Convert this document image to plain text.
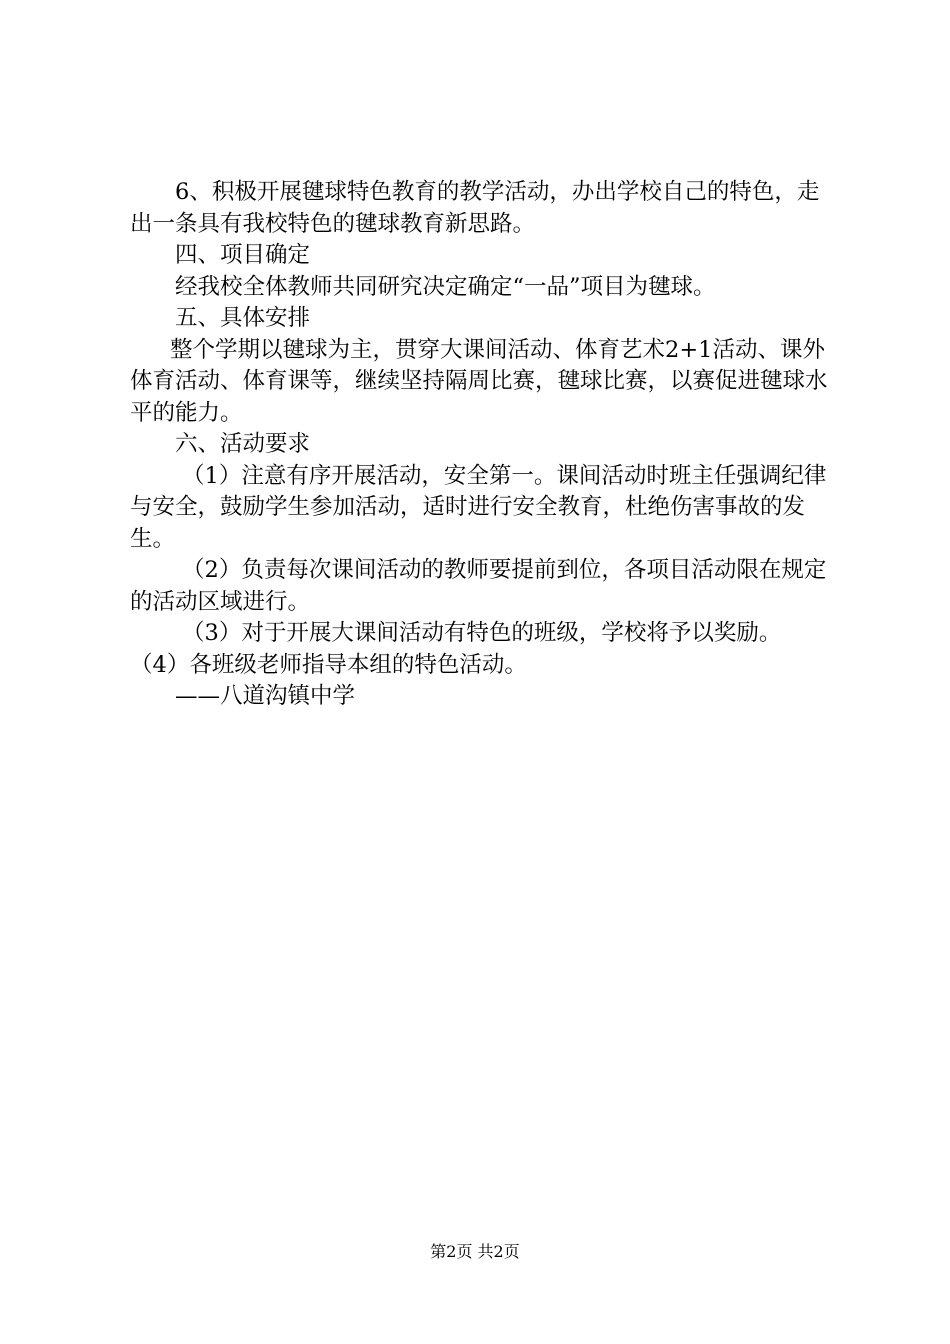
6、积极开展毽球特色教育的教学活动，办出学校自己的特色，走出一条具有我校特色的毽球教育新思路。

四、项目确定

经我校全体教师共同研究决定确定“一品”项目为毽球。

五、具体安排

整个学期以毽球为主，贯穿大课间活动、体育艺术2+1活动、课外体育活动、体育课等，继续坚持隔周比赛，毽球比赛，以赛促进毽球水平的能力。

六、活动要求

（1）注意有序开展活动，安全第一。课间活动时班主任强调纪律与安全，鼓励学生参加活动，适时进行安全教育，杜绝伤害事故的发生。

（2）负责每次课间活动的教师要提前到位，各项目活动限在规定的活动区域进行。

（3）对于开展大课间活动有特色的班级，学校将予以奖励。

（4）各班级老师指导本组的特色活动。

——八道沟镇中学

第2页 共2页
